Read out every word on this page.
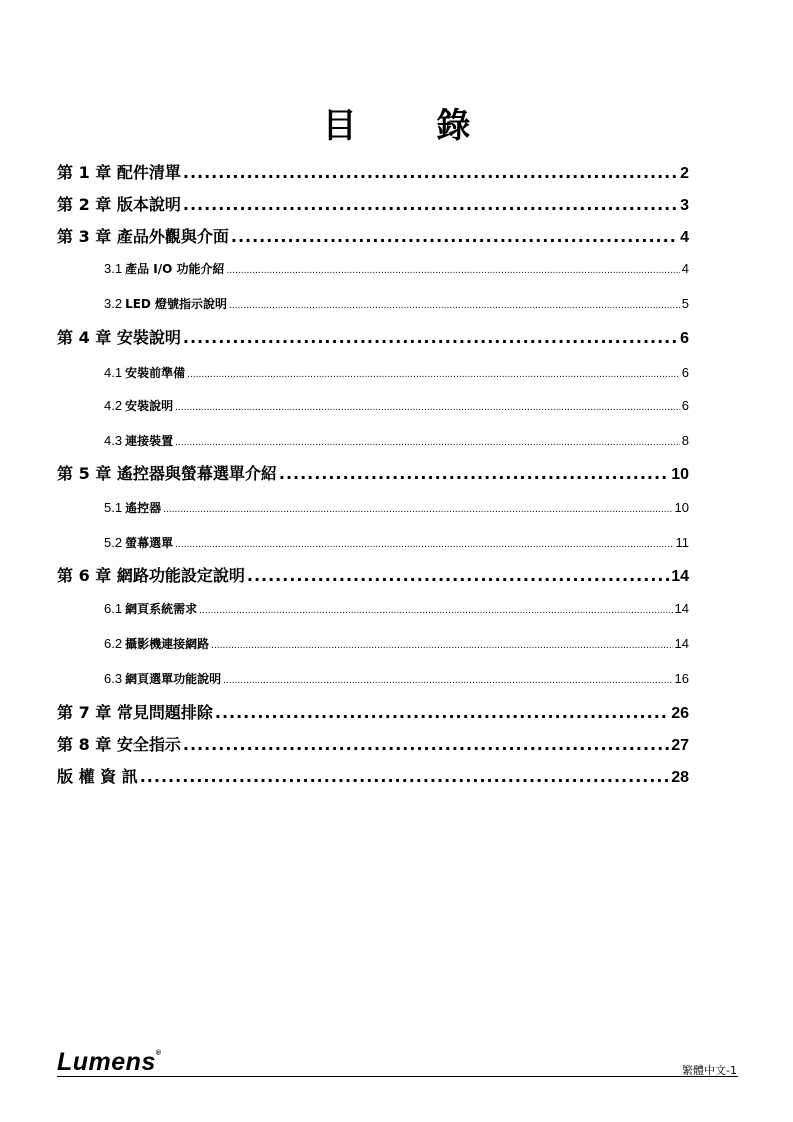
目 錄
第 1 章 配件清單 .....	2
第 2 章 版本說明 .....	3
第 3 章 產品外觀與介面 .....	4
3.1 產品 I/O 功能介紹 .....	4
3.2 LED 燈號指示說明 .....	5
第 4 章 安裝說明 .....	6
4.1 安裝前準備 .....	6
4.2 安裝說明 .....	6
4.3 連接裝置 .....	8
第 5 章 遙控器與螢幕選單介紹 .....	10
5.1 遙控器 .....	10
5.2 螢幕選單 .....	11
第 6 章 網路功能設定說明 .....	14
6.1 網頁系統需求 .....	14
6.2 攝影機連接網路 .....	14
6.3 網頁選單功能說明 .....	16
第 7 章 常見問題排除 .....	26
第 8 章 安全指示 .....	27
版 權 資 訊 .....	28
Lumens®
繁體中文-1
